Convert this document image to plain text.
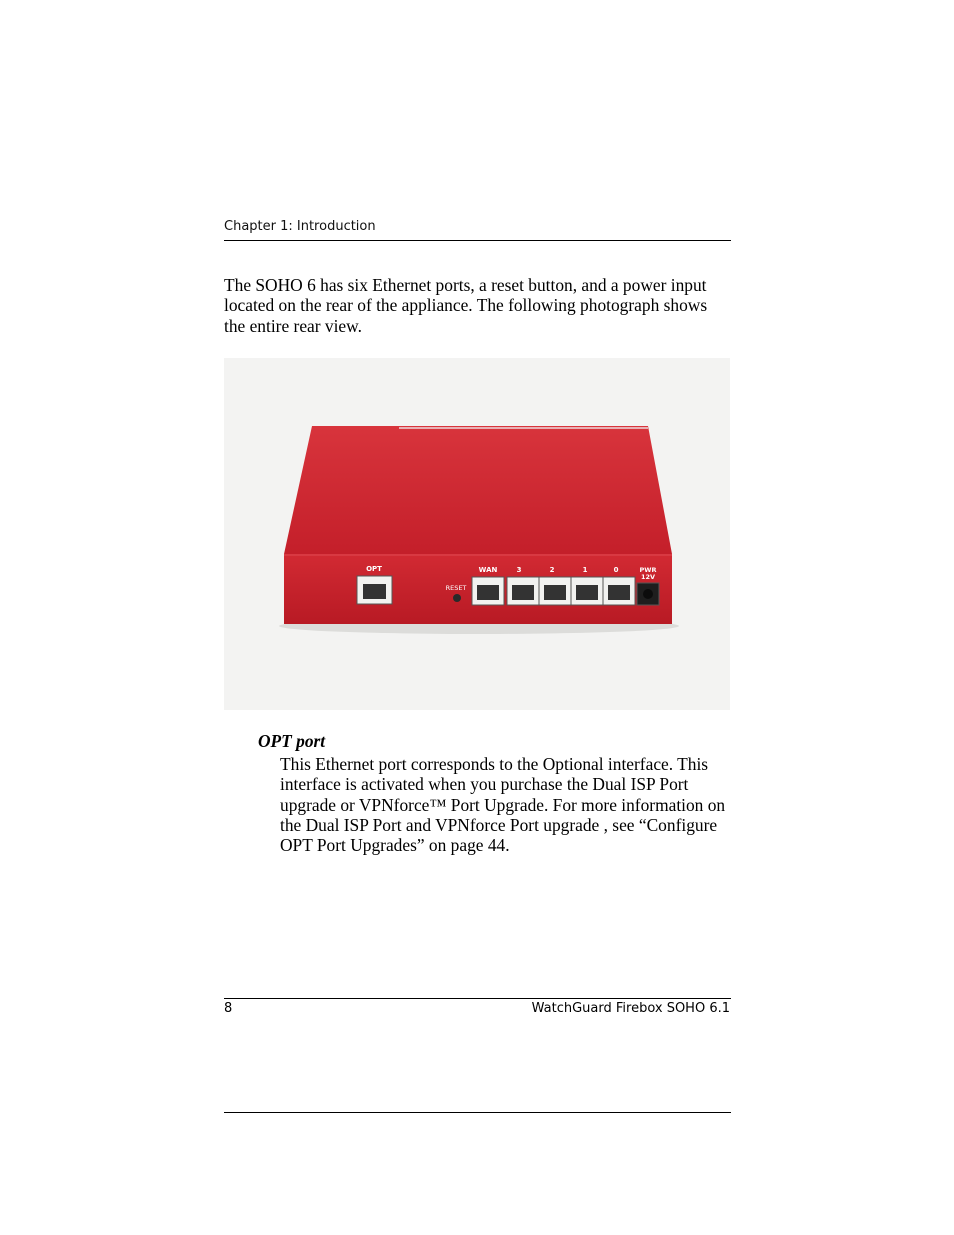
Chapter 1: Introduction

The SOHO 6 has six Ethernet ports, a reset button, and a power input located on the rear of the appliance. The following photograph shows the entire rear view.

OPT
RESET
WAN	3	2	1	0	PWR
12V
OPT port

This Ethernet port corresponds to the Optional interface. This interface is activated when you purchase the Dual ISP Port upgrade or VPNforce™ Port Upgrade. For more information on the Dual ISP Port and VPNforce Port upgrade , see “Configure OPT Port Upgrades” on page 44.

8	WatchGuard Firebox SOHO 6.1
